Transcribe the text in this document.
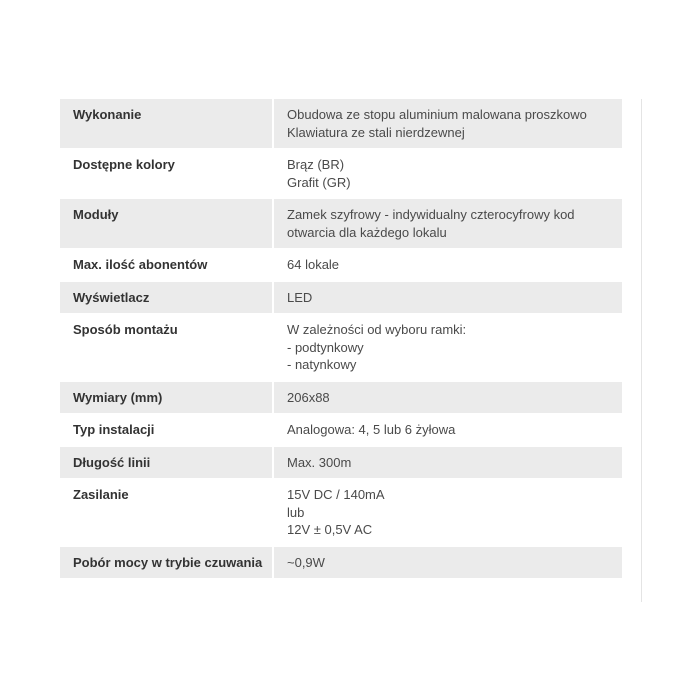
Wykonanie	Obudowa ze stopu aluminium malowana proszkowo
Klawiatura ze stali nierdzewnej

Dostępne kolory	Brąz (BR)
Grafit (GR)

Moduły	Zamek szyfrowy - indywidualny czterocyfrowy kod
otwarcia dla każdego lokalu

Max. ilość abonentów	64 lokale

Wyświetlacz	LED

Sposób montażu	W zależności od wyboru ramki:
- podtynkowy
- natynkowy

Wymiary (mm)	206x88

Typ instalacji	Analogowa: 4, 5 lub 6 żyłowa

Długość linii	Max. 300m

Zasilanie	15V DC / 140mA
lub
12V ± 0,5V AC

Pobór mocy w trybie czuwania	~0,9W
